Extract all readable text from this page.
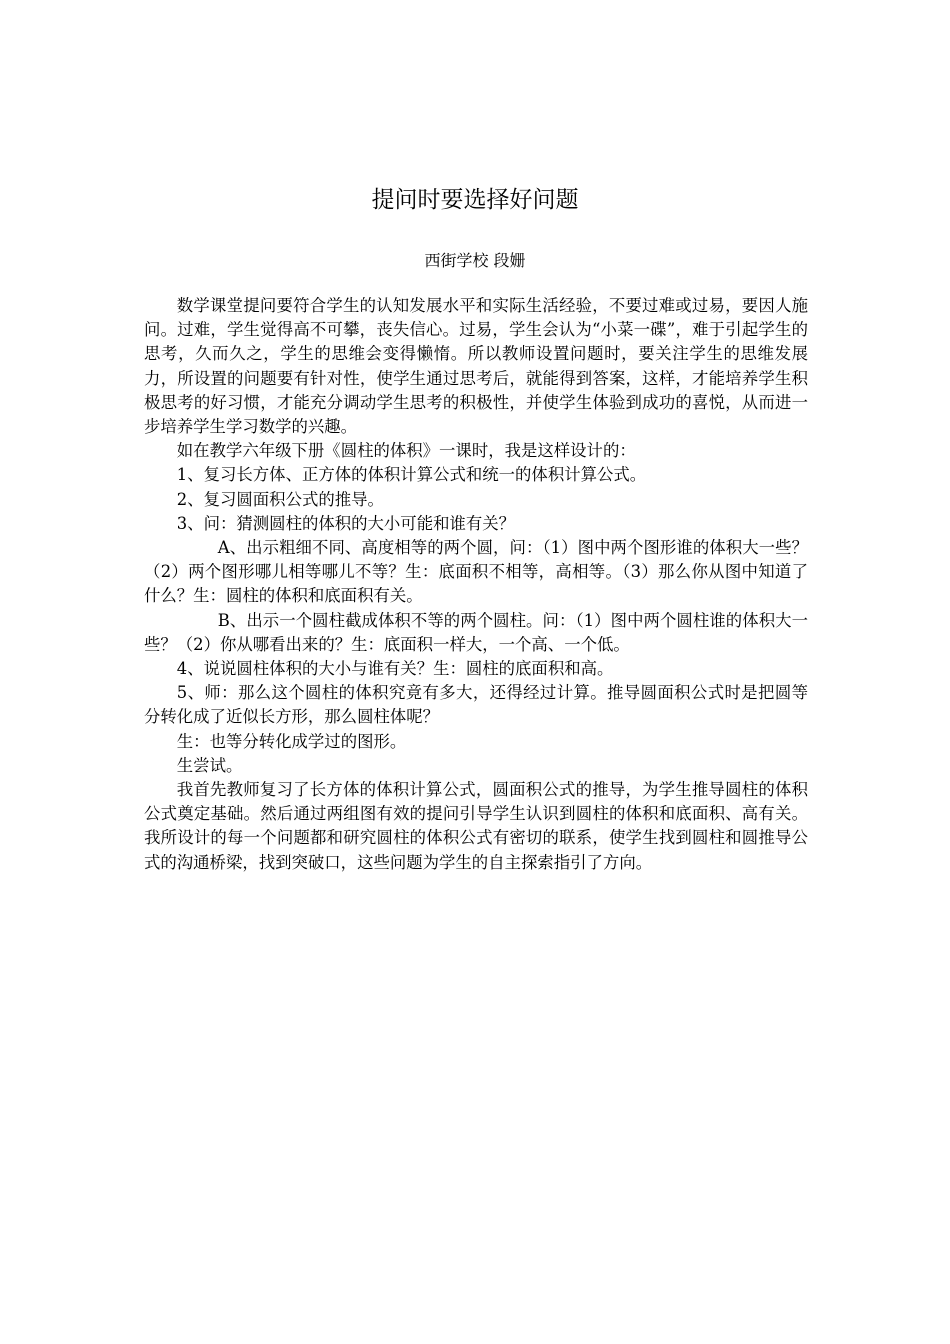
提问时要选择好问题
西街学校 段姗

数学课堂提问要符合学生的认知发展水平和实际生活经验，不要过难或过易，要因人施问。过难，学生觉得高不可攀，丧失信心。过易，学生会认为“小菜一碟”，难于引起学生的思考，久而久之，学生的思维会变得懒惰。所以教师设置问题时，要关注学生的思维发展力，所设置的问题要有针对性，使学生通过思考后，就能得到答案，这样，才能培养学生积极思考的好习惯，才能充分调动学生思考的积极性，并使学生体验到成功的喜悦，从而进一步培养学生学习数学的兴趣。

如在教学六年级下册《圆柱的体积》一课时，我是这样设计的：

1、复习长方体、正方体的体积计算公式和统一的体积计算公式。

2、复习圆面积公式的推导。

3、问：猜测圆柱的体积的大小可能和谁有关？

A、出示粗细不同、高度相等的两个圆，问：（1）图中两个图形谁的体积大一些？（2）两个图形哪儿相等哪儿不等？生：底面积不相等，高相等。（3）那么你从图中知道了什么？生：圆柱的体积和底面积有关。

B、出示一个圆柱截成体积不等的两个圆柱。问：（1）图中两个圆柱谁的体积大一些？（2）你从哪看出来的？生：底面积一样大，一个高、一个低。

4、说说圆柱体积的大小与谁有关？生：圆柱的底面积和高。

5、师：那么这个圆柱的体积究竟有多大，还得经过计算。推导圆面积公式时是把圆等分转化成了近似长方形，那么圆柱体呢？

生：也等分转化成学过的图形。

生尝试。

我首先教师复习了长方体的体积计算公式，圆面积公式的推导，为学生推导圆柱的体积公式奠定基础。然后通过两组图有效的提问引导学生认识到圆柱的体积和底面积、高有关。我所设计的每一个问题都和研究圆柱的体积公式有密切的联系，使学生找到圆柱和圆推导公式的沟通桥梁，找到突破口，这些问题为学生的自主探索指引了方向。
